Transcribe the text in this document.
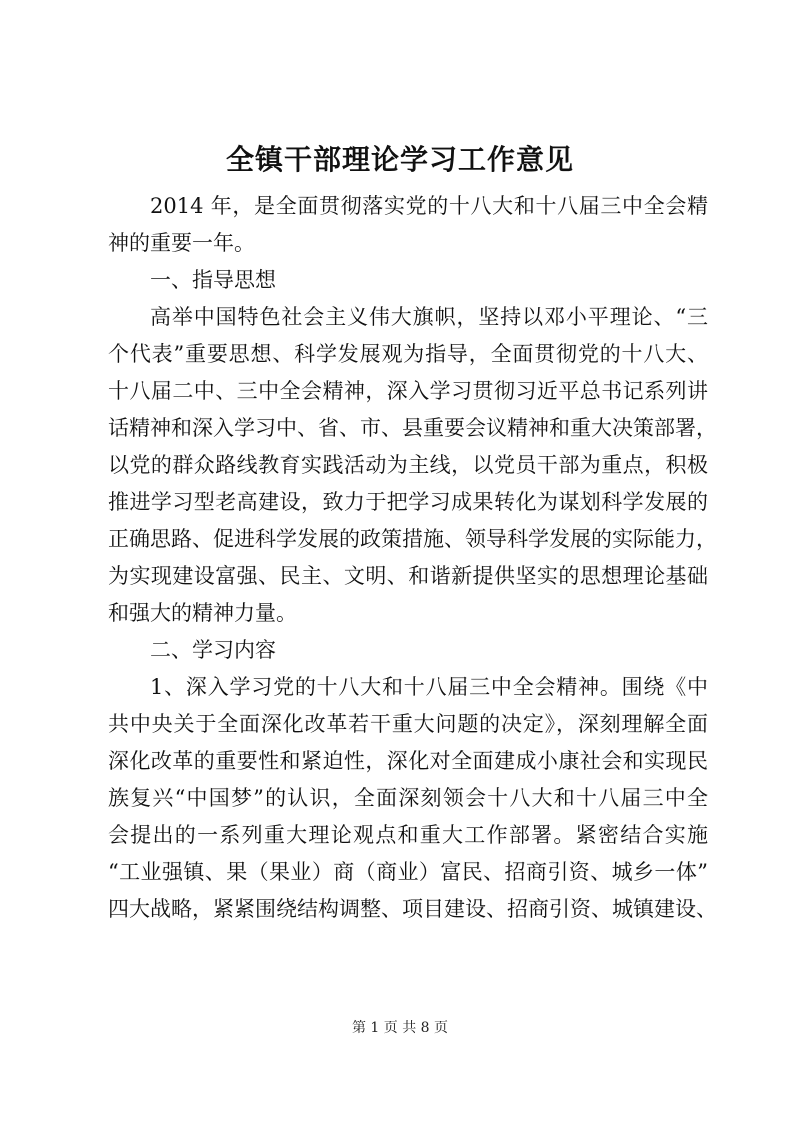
全镇干部理论学习工作意见
2014 年，是全面贯彻落实党的十八大和十八届三中全会精
神的重要一年。
一、指导思想
高举中国特色社会主义伟大旗帜，坚持以邓小平理论、“三
个代表”重要思想、科学发展观为指导，全面贯彻党的十八大、
十八届二中、三中全会精神，深入学习贯彻习近平总书记系列讲
话精神和深入学习中、省、市、县重要会议精神和重大决策部署，
以党的群众路线教育实践活动为主线，以党员干部为重点，积极
推进学习型老高建设，致力于把学习成果转化为谋划科学发展的
正确思路、促进科学发展的政策措施、领导科学发展的实际能力，
为实现建设富强、民主、文明、和谐新提供坚实的思想理论基础
和强大的精神力量。
二、学习内容
1、深入学习党的十八大和十八届三中全会精神。围绕《中
共中央关于全面深化改革若干重大问题的决定》，深刻理解全面
深化改革的重要性和紧迫性，深化对全面建成小康社会和实现民
族复兴“中国梦”的认识，全面深刻领会十八大和十八届三中全
会提出的一系列重大理论观点和重大工作部署。紧密结合实施
“工业强镇、果（果业）商（商业）富民、招商引资、城乡一体”
四大战略，紧紧围绕结构调整、项目建设、招商引资、城镇建设、
第 1 页 共 8 页
